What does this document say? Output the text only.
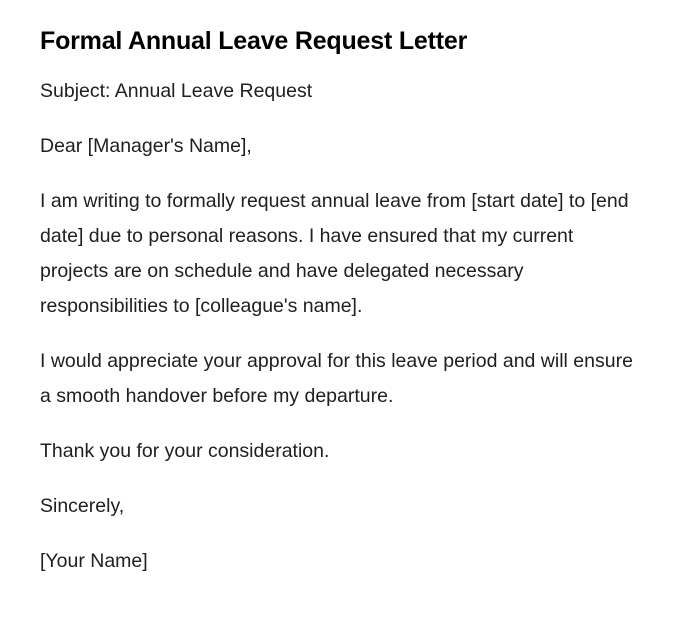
Formal Annual Leave Request Letter

Subject: Annual Leave Request

Dear [Manager's Name],

I am writing to formally request annual leave from [start date] to [end date] due to personal reasons. I have ensured that my current projects are on schedule and have delegated necessary responsibilities to [colleague's name].

I would appreciate your approval for this leave period and will ensure a smooth handover before my departure.

Thank you for your consideration.

Sincerely,

[Your Name]
